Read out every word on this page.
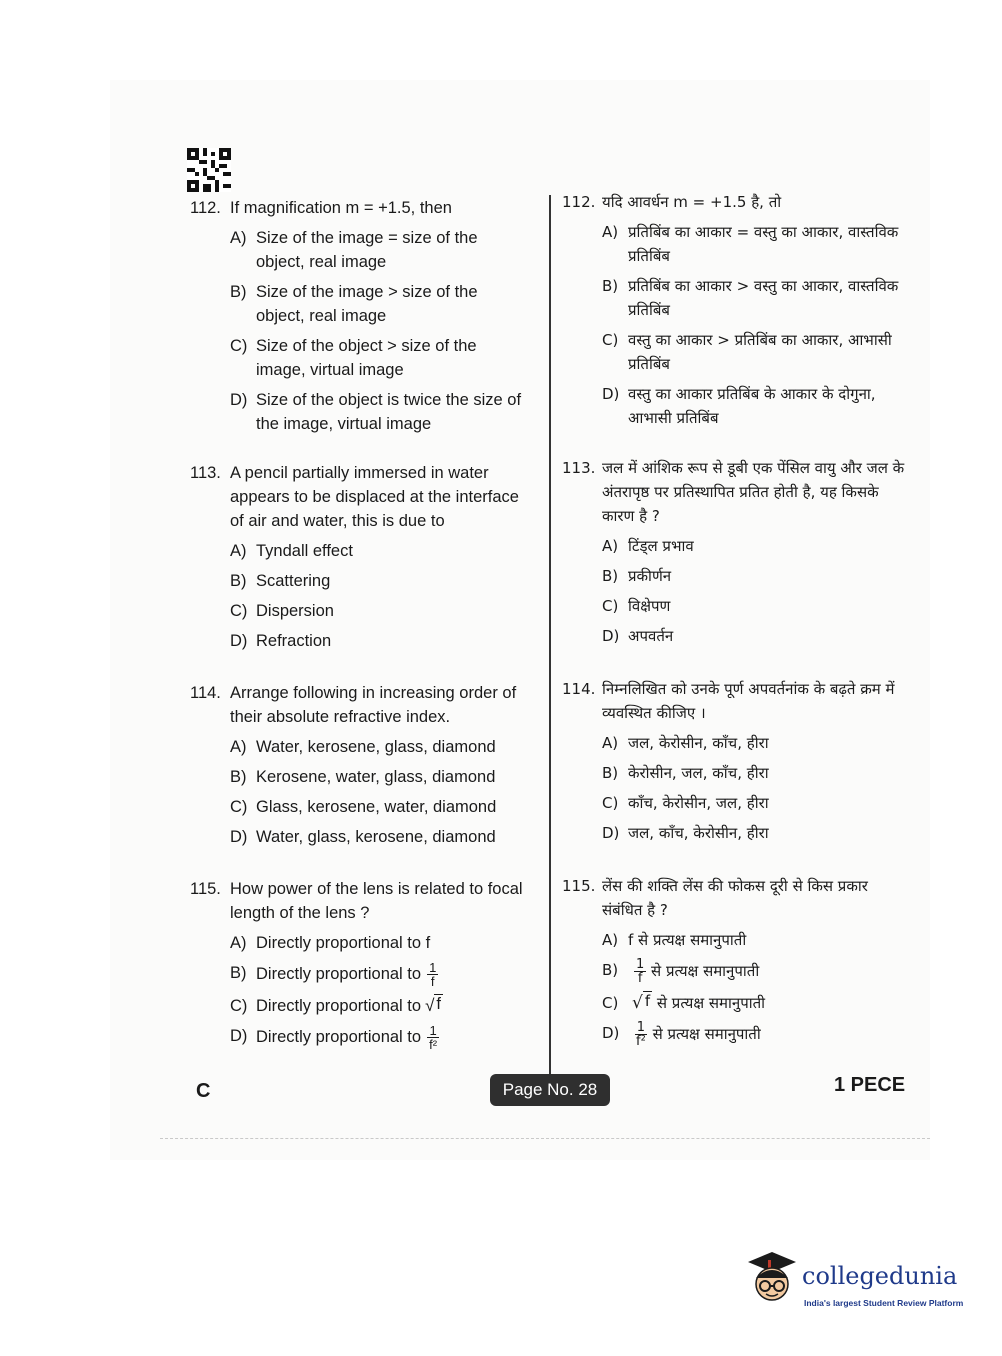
112. If magnification m = +1.5, then
A) Size of the image = size of the object, real image
B) Size of the image > size of the object, real image
C) Size of the object > size of the image, virtual image
D) Size of the object is twice the size of the image, virtual image
113. A pencil partially immersed in water appears to be displaced at the interface of air and water, this is due to
A) Tyndall effect
B) Scattering
C) Dispersion
D) Refraction
114. Arrange following in increasing order of their absolute refractive index.
A) Water, kerosene, glass, diamond
B) Kerosene, water, glass, diamond
C) Glass, kerosene, water, diamond
D) Water, glass, kerosene, diamond
115. How power of the lens is related to focal length of the lens ?
A) Directly proportional to f
B) Directly proportional to $\frac{1}{f}$
C) Directly proportional to √ f
D) Directly proportional to $\frac{1}{\text{f²}}$
112. यदि आवर्धन m = +1.5 है, तो
A) प्रतिबिंब का आकार = वस्तु का आकार, वास्तविक प्रतिबिंब
B) प्रतिबिंब का आकार > वस्तु का आकार, वास्तविक प्रतिबिंब
C) वस्तु का आकार > प्रतिबिंब का आकार, आभासी प्रतिबिंब
D) वस्तु का आकार प्रतिबिंब के आकार के दोगुना, आभासी प्रतिबिंब
113. जल में आंशिक रूप से डूबी एक पेंसिल वायु और जल के अंतरापृष्ठ पर प्रतिस्थापित प्रतित होती है, यह किसके कारण है ?
A) टिंड्ल प्रभाव
B) प्रकीर्णन
C) विक्षेपण
D) अपवर्तन
114. निम्नलिखित को उनके पूर्ण अपवर्तनांक के बढ़ते क्रम में व्यवस्थित कीजिए ।
A) जल, केरोसीन, काँच, हीरा
B) केरोसीन, जल, काँच, हीरा
C) काँच, केरोसीन, जल, हीरा
D) जल, काँच, केरोसीन, हीरा
115. लेंस की शक्ति लेंस की फोकस दूरी से किस प्रकार संबंधित है ?
A) f से प्रत्यक्ष समानुपाती
B)	$\frac{1}{f}$ से प्रत्यक्ष समानुपाती
C) √ f से प्रत्यक्ष समानुपाती
D)	$\frac{1}{\text{f²}}$ से प्रत्यक्ष समानुपाती
C	Page No. 28	1 PECE
collegedunia
India's largest Student Review Platform
